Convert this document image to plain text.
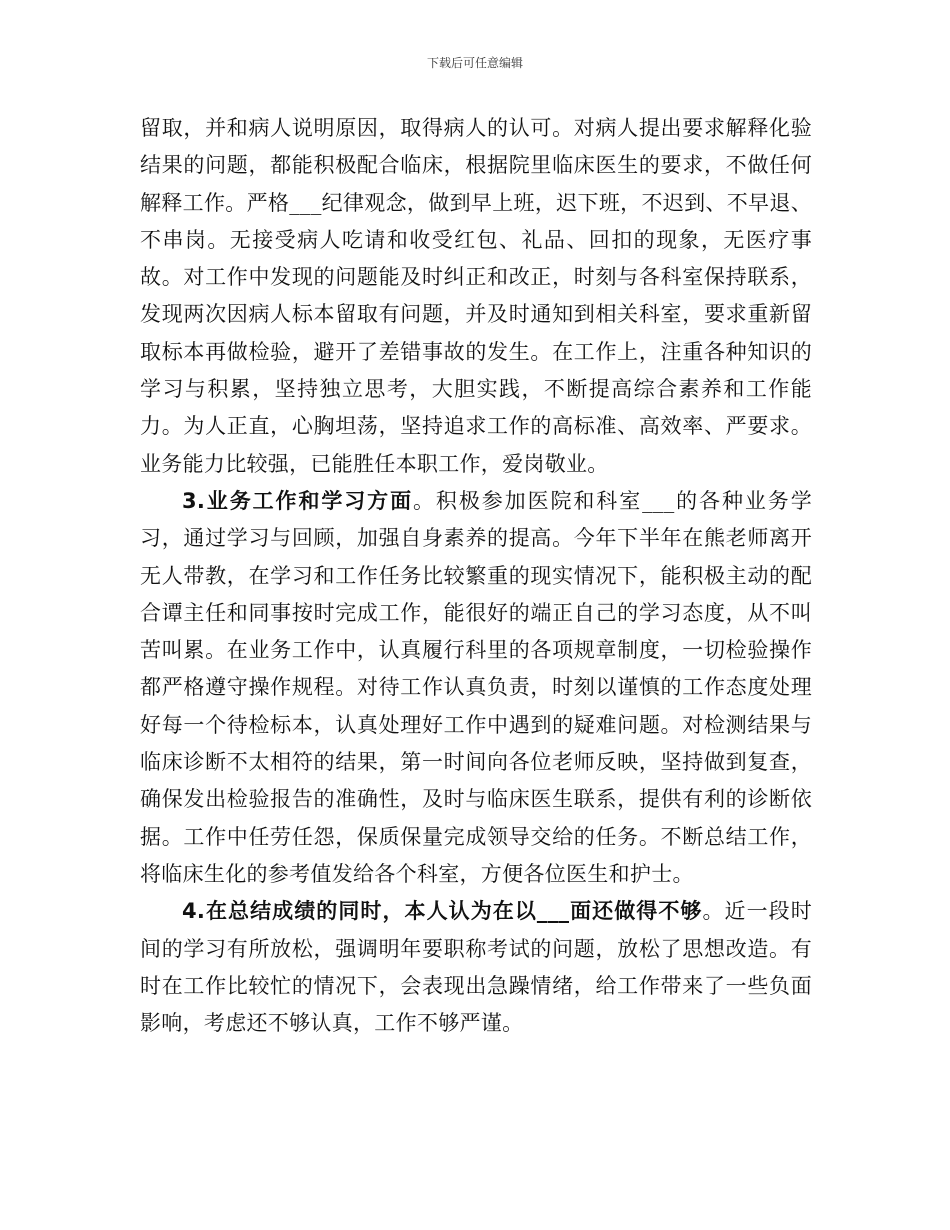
下载后可任意编辑

留取，并和病人说明原因，取得病人的认可。对病人提出要求解释化验结果的问题，都能积极配合临床，根据院里临床医生的要求，不做任何解释工作。严格___纪律观念，做到早上班，迟下班，不迟到、不早退、不串岗。无接受病人吃请和收受红包、礼品、回扣的现象，无医疗事故。对工作中发现的问题能及时纠正和改正，时刻与各科室保持联系，发现两次因病人标本留取有问题，并及时通知到相关科室，要求重新留取标本再做检验，避开了差错事故的发生。在工作上，注重各种知识的学习与积累，坚持独立思考，大胆实践，不断提高综合素养和工作能力。为人正直，心胸坦荡，坚持追求工作的高标准、高效率、严要求。业务能力比较强，已能胜任本职工作，爱岗敬业。

3.业务工作和学习方面。积极参加医院和科室___的各种业务学习，通过学习与回顾，加强自身素养的提高。今年下半年在熊老师离开无人带教，在学习和工作任务比较繁重的现实情况下，能积极主动的配合谭主任和同事按时完成工作，能很好的端正自己的学习态度，从不叫苦叫累。在业务工作中，认真履行科里的各项规章制度，一切检验操作都严格遵守操作规程。对待工作认真负责，时刻以谨慎的工作态度处理好每一个待检标本，认真处理好工作中遇到的疑难问题。对检测结果与临床诊断不太相符的结果，第一时间向各位老师反映，坚持做到复查，确保发出检验报告的准确性，及时与临床医生联系，提供有利的诊断依据。工作中任劳任怨，保质保量完成领导交给的任务。不断总结工作，将临床生化的参考值发给各个科室，方便各位医生和护士。

4.在总结成绩的同时，本人认为在以___面还做得不够。近一段时间的学习有所放松，强调明年要职称考试的问题，放松了思想改造。有时在工作比较忙的情况下，会表现出急躁情绪，给工作带来了一些负面影响，考虑还不够认真，工作不够严谨。
